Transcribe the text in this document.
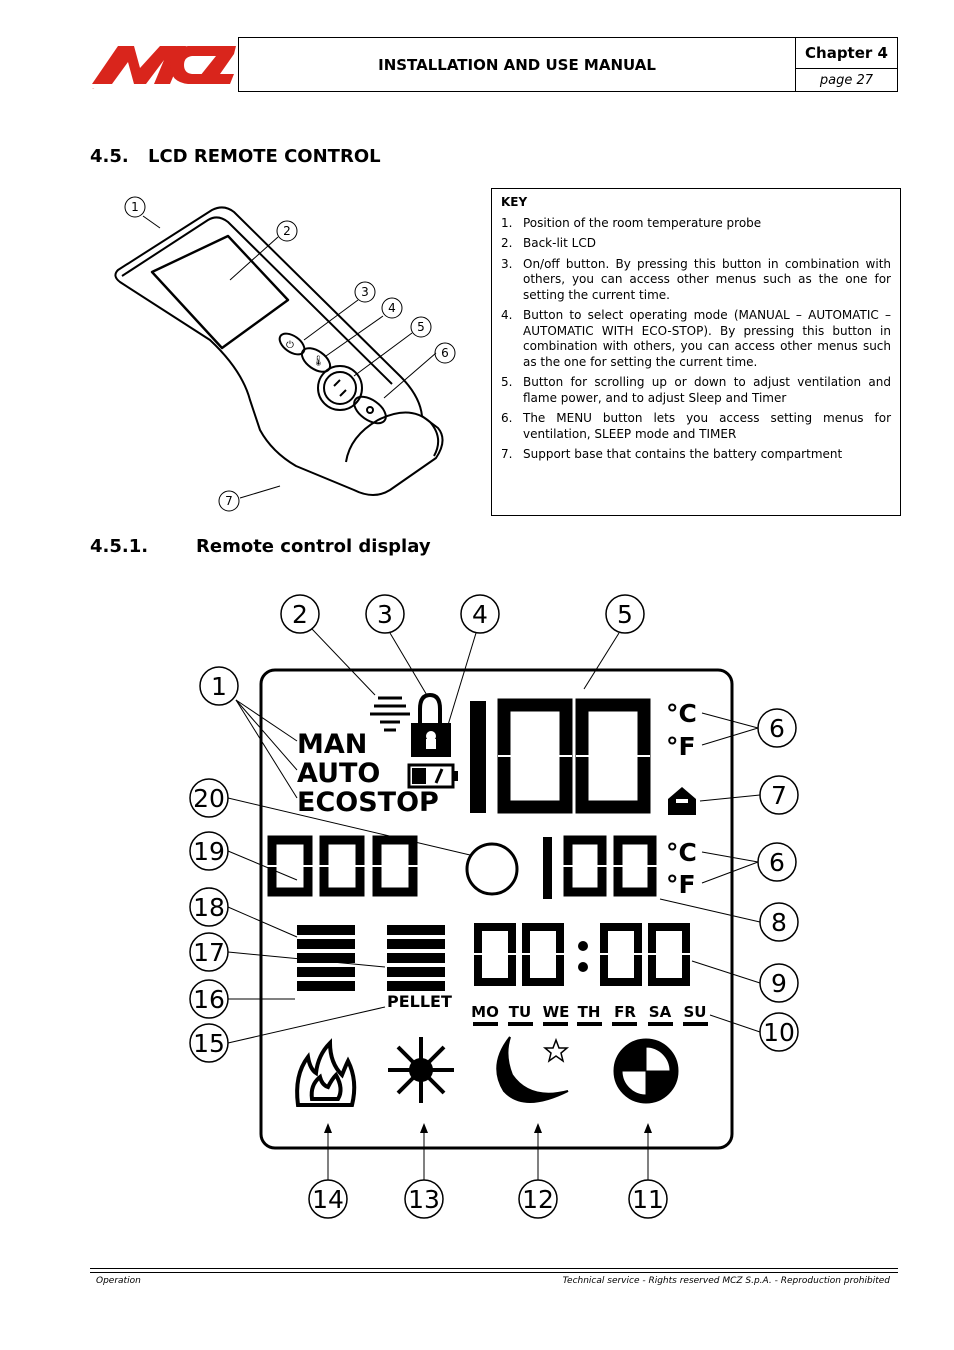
MCZ
INSTALLATION AND USE MANUAL
Chapter 4
page 27
4.5. LCD REMOTE CONTROL
⏻
🌡
1
2
3
4
5
6
7
KEY
1. Position of the room temperature probe
2. Back-lit LCD
3. On/off button. By pressing this button in combination with others, you can access other menus such as the one for setting the current time.
4. Button to select operating mode (MANUAL – AUTOMATIC – AUTOMATIC WITH ECO-STOP). By pressing this button in combination with others, you can access other menus such as the one for setting the current time.
5. Button for scrolling up or down to adjust ventilation and flame power, and to adjust Sleep and Timer
6. The MENU button lets you access setting menus for ventilation, SLEEP mode and TIMER
7. Support base that contains the battery compartment
4.5.1.	Remote control display
MAN
AUTO
ECOSTOP
°C
°F
°C
°F
PELLET
MO TU WE TH FR SA SU
1
2	3	4	5
6
7
6
8
9
10
11
12
13
14
15
16
17
18
19
20
Operation	Technical service - Rights reserved MCZ S.p.A. - Reproduction prohibited
